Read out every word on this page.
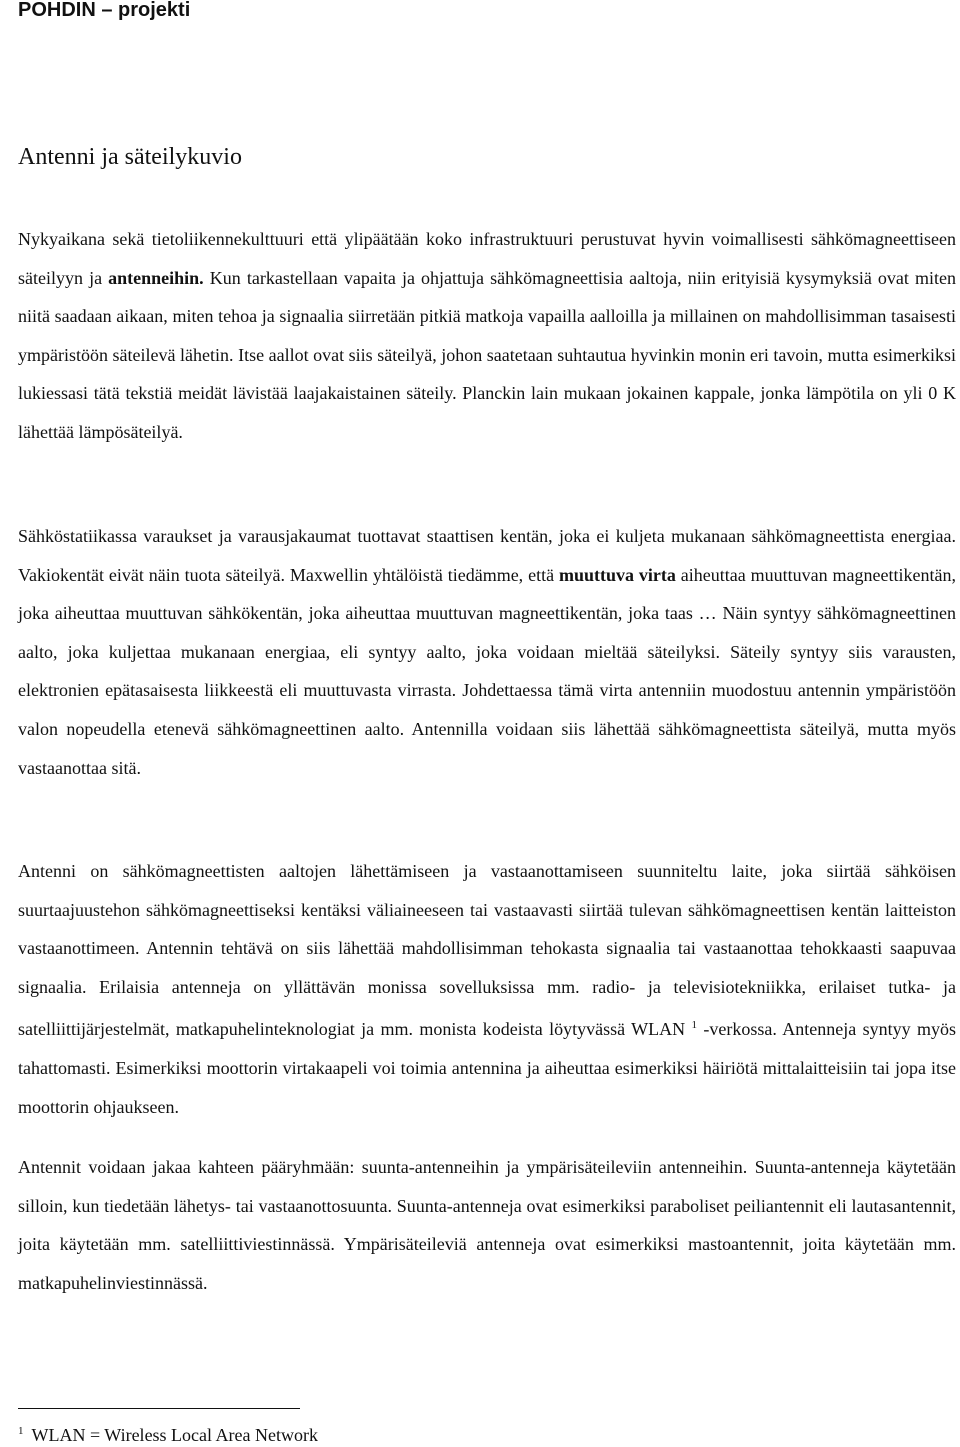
POHDIN – projekti
Antenni ja säteilykuvio

Nykyaikana sekä tietoliikennekulttuuri että ylipäätään koko infrastruktuuri perustuvat hyvin voimallisesti sähkömagneettiseen säteilyyn ja antenneihin. Kun tarkastellaan vapaita ja ohjattuja sähkömagneettisia aaltoja, niin erityisiä kysymyksiä ovat miten niitä saadaan aikaan, miten tehoa ja signaalia siirretään pitkiä matkoja vapailla aalloilla ja millainen on mahdollisimman tasaisesti ympäristöön säteilevä lähetin. Itse aallot ovat siis säteilyä, johon saatetaan suhtautua hyvinkin monin eri tavoin, mutta esimerkiksi lukiessasi tätä tekstiä meidät lävistää laajakaistainen säteily. Planckin lain mukaan jokainen kappale, jonka lämpötila on yli 0 K lähettää lämpösäteilyä.

Sähköstatiikassa varaukset ja varausjakaumat tuottavat staattisen kentän, joka ei kuljeta mukanaan sähkömagneettista energiaa. Vakiokentät eivät näin tuota säteilyä. Maxwellin yhtälöistä tiedämme, että muuttuva virta aiheuttaa muuttuvan magneettikentän, joka aiheuttaa muuttuvan sähkökentän, joka aiheuttaa muuttuvan magneettikentän, joka taas … Näin syntyy sähkömagneettinen aalto, joka kuljettaa mukanaan energiaa, eli syntyy aalto, joka voidaan mieltää säteilyksi. Säteily syntyy siis varausten, elektronien epätasaisesta liikkeestä eli muuttuvasta virrasta. Johdettaessa tämä virta antenniin muodostuu antennin ympäristöön valon nopeudella etenevä sähkömagneettinen aalto. Antennilla voidaan siis lähettää sähkömagneettista säteilyä, mutta myös vastaanottaa sitä.

Antenni on sähkömagneettisten aaltojen lähettämiseen ja vastaanottamiseen suunniteltu laite, joka siirtää sähköisen suurtaajuustehon sähkömagneettiseksi kentäksi väliaineeseen tai vastaavasti siirtää tulevan sähkömagneettisen kentän laitteiston vastaanottimeen. Antennin tehtävä on siis lähettää mahdollisimman tehokasta signaalia tai vastaanottaa tehokkaasti saapuvaa signaalia. Erilaisia antenneja on yllättävän monissa sovelluksissa mm. radio- ja televisiotekniikka, erilaiset tutka- ja satelliittijärjestelmät, matkapuhelinteknologiat ja mm. monista kodeista löytyvässä WLAN $^1$ -verkossa. Antenneja syntyy myös tahattomasti. Esimerkiksi moottorin virtakaapeli voi toimia antennina ja aiheuttaa esimerkiksi häiriötä mittalaitteisiin tai jopa itse moottorin ohjaukseen.

Antennit voidaan jakaa kahteen pääryhmään: suunta-antenneihin ja ympärisäteileviin antenneihin. Suunta-antenneja käytetään silloin, kun tiedetään lähetys- tai vastaanottosuunta. Suunta-antenneja ovat esimerkiksi paraboliset peiliantennit eli lautasantennit, joita käytetään mm. satelliittiviestinnässä. Ympärisäteileviä antenneja ovat esimerkiksi mastoantennit, joita käytetään mm. matkapuhelinviestinnässä.

$^1$ WLAN = Wireless Local Area Network
